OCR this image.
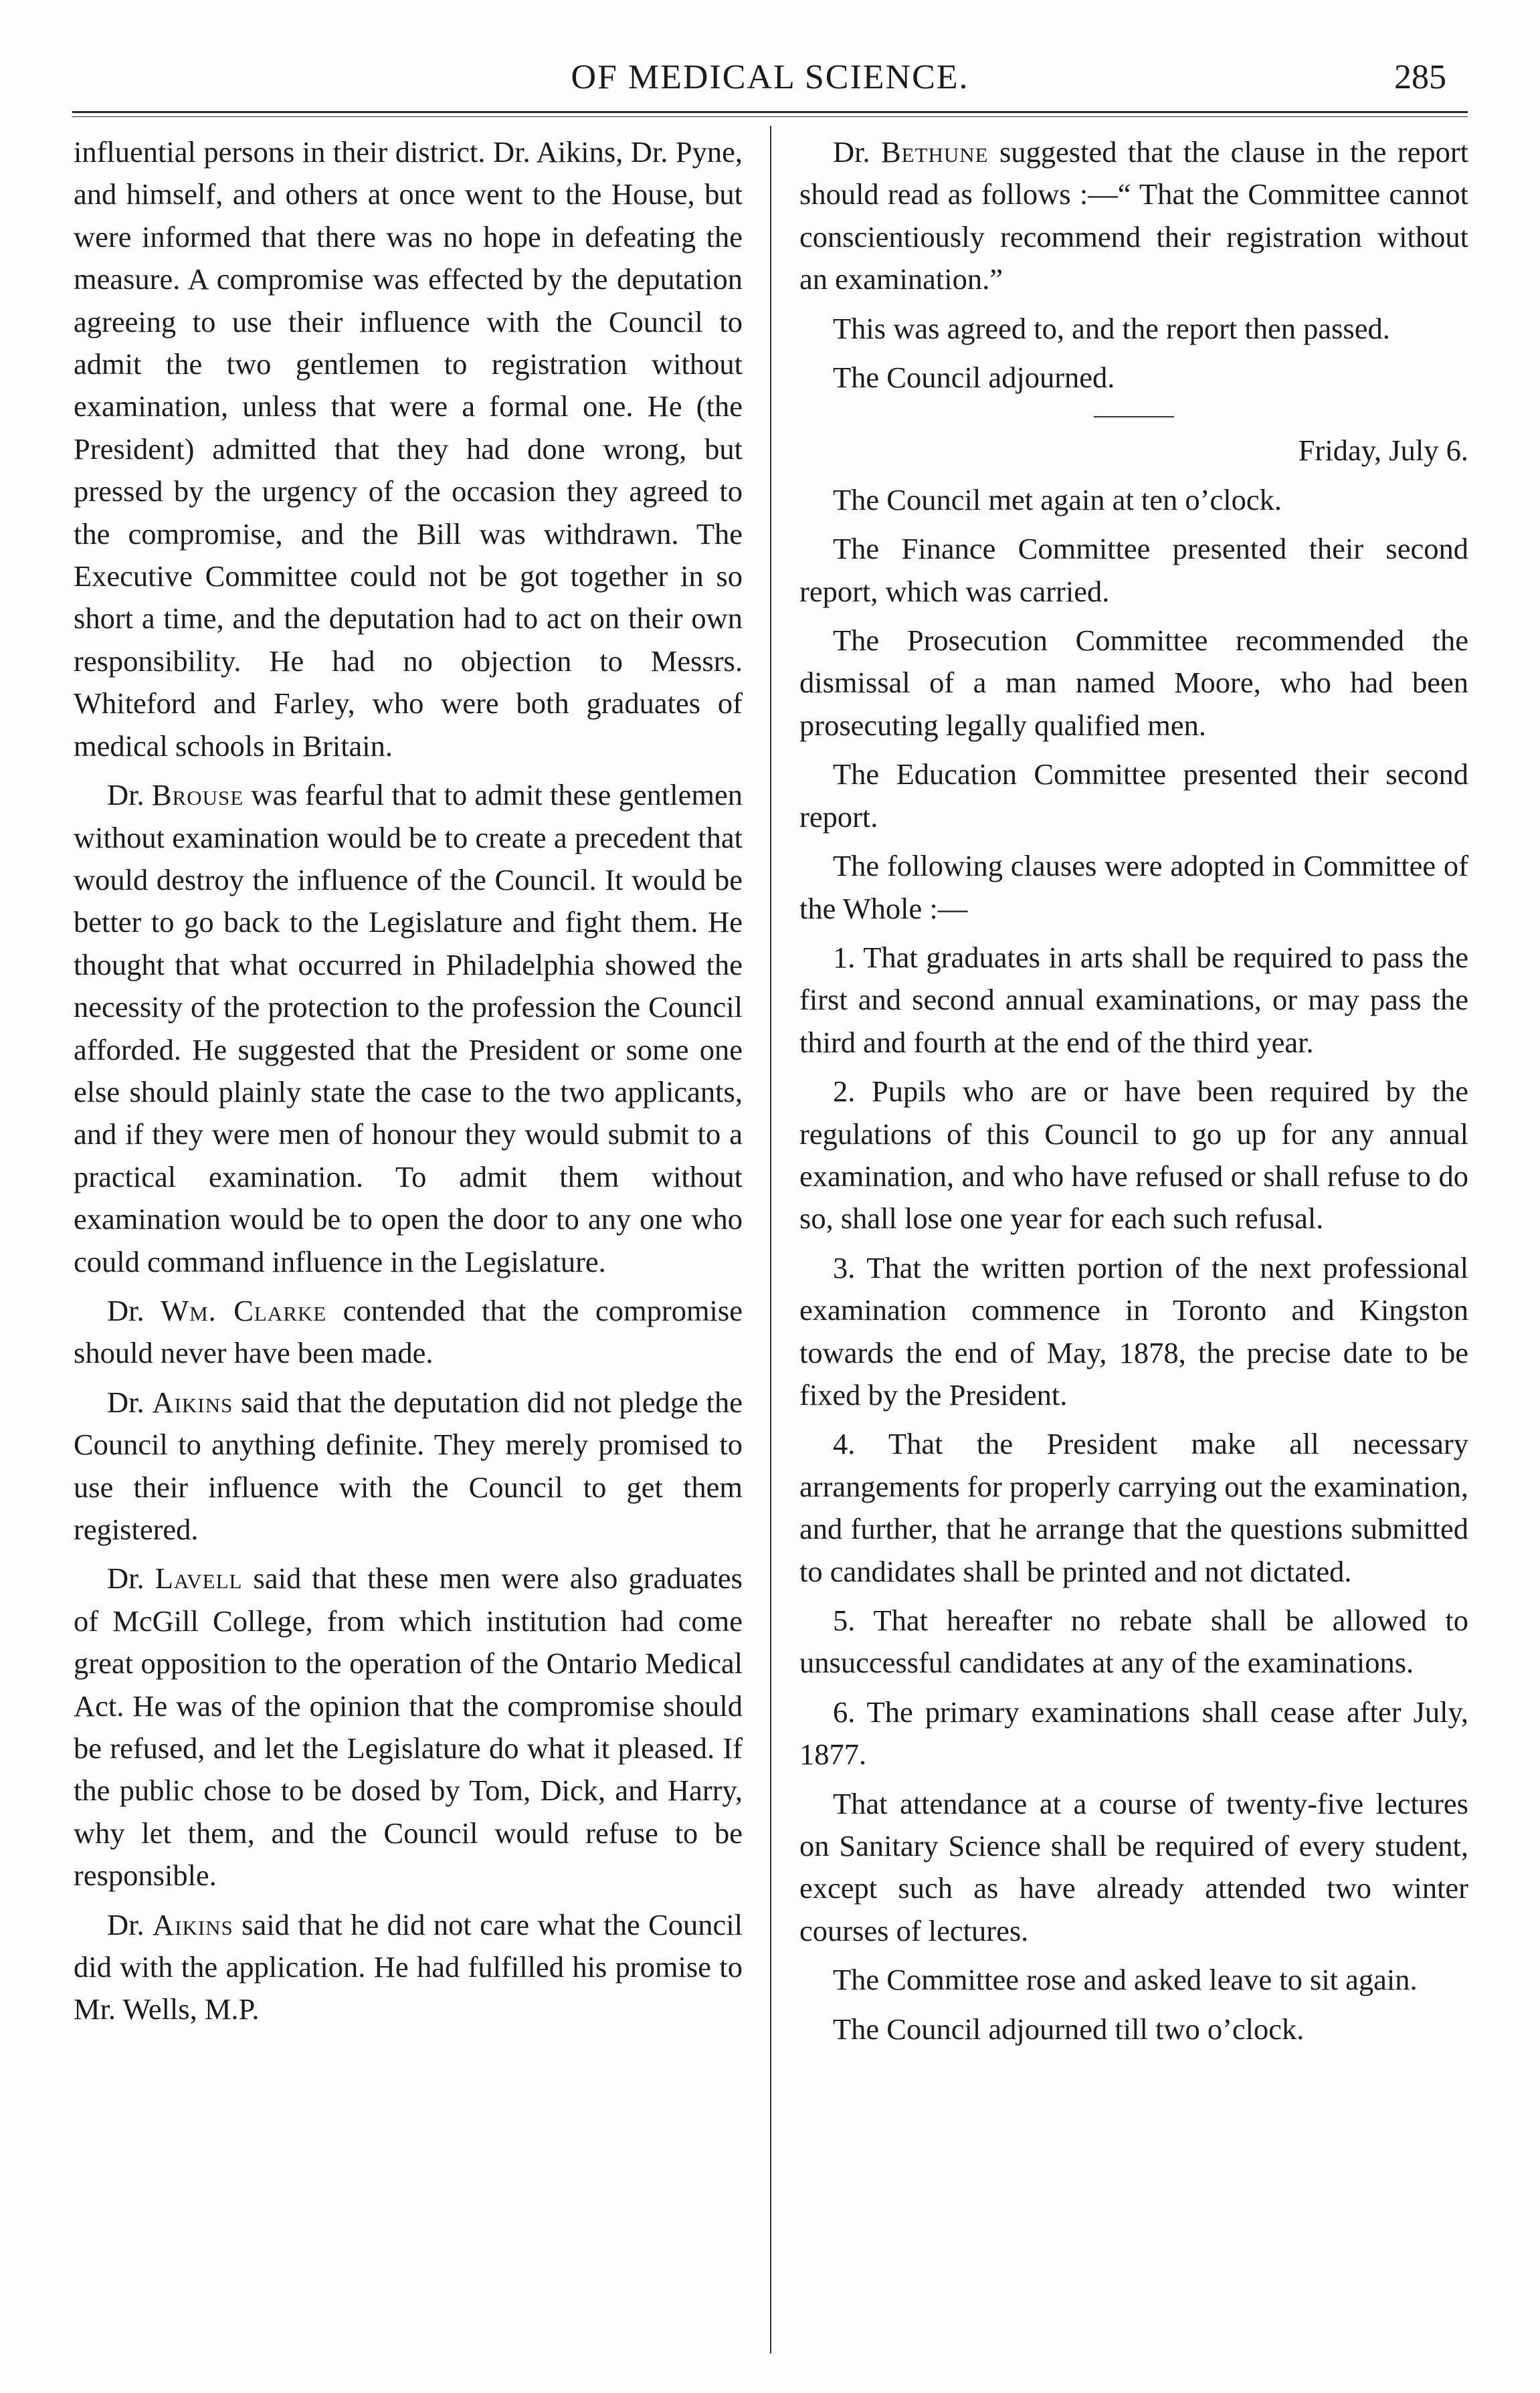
OF MEDICAL SCIENCE.	285

influential persons in their district. Dr. Aikins, Dr. Pyne, and himself, and others at once went to the House, but were informed that there was no hope in defeating the measure. A compromise was effected by the deputation agreeing to use their influence with the Council to admit the two gentlemen to registration without examination, unless that were a formal one. He (the President) admitted that they had done wrong, but pressed by the urgency of the occasion they agreed to the compromise, and the Bill was withdrawn. The Executive Committee could not be got together in so short a time, and the deputation had to act on their own responsibility. He had no objection to Messrs. Whiteford and Farley, who were both graduates of medical schools in Britain.

Dr. Brouse was fearful that to admit these gentlemen without examination would be to create a precedent that would destroy the influence of the Council. It would be better to go back to the Legislature and fight them. He thought that what occurred in Philadelphia showed the necessity of the protection to the profession the Council afforded. He suggested that the President or some one else should plainly state the case to the two applicants, and if they were men of honour they would submit to a practical examination. To admit them without examination would be to open the door to any one who could command influence in the Legislature.

Dr. Wm. Clarke contended that the compromise should never have been made.

Dr. Aikins said that the deputation did not pledge the Council to anything definite. They merely promised to use their influence with the Council to get them registered.

Dr. Lavell said that these men were also graduates of McGill College, from which institution had come great opposition to the operation of the Ontario Medical Act. He was of the opinion that the compromise should be refused, and let the Legislature do what it pleased. If the public chose to be dosed by Tom, Dick, and Harry, why let them, and the Council would refuse to be responsible.

Dr. Aikins said that he did not care what the Council did with the application. He had fulfilled his promise to Mr. Wells, M.P.

Dr. Bethune suggested that the clause in the report should read as follows :—“ That the Committee cannot conscientiously recommend their registration without an examination.”

This was agreed to, and the report then passed.

The Council adjourned.

Friday, July 6.

The Council met again at ten o’clock.

The Finance Committee presented their second report, which was carried.

The Prosecution Committee recommended the dismissal of a man named Moore, who had been prosecuting legally qualified men.

The Education Committee presented their second report.

The following clauses were adopted in Committee of the Whole :—

1. That graduates in arts shall be required to pass the first and second annual examinations, or may pass the third and fourth at the end of the third year.

2. Pupils who are or have been required by the regulations of this Council to go up for any annual examination, and who have refused or shall refuse to do so, shall lose one year for each such refusal.

3. That the written portion of the next professional examination commence in Toronto and Kingston towards the end of May, 1878, the precise date to be fixed by the President.

4. That the President make all necessary arrangements for properly carrying out the examination, and further, that he arrange that the questions submitted to candidates shall be printed and not dictated.

5. That hereafter no rebate shall be allowed to unsuccessful candidates at any of the examinations.

6. The primary examinations shall cease after July, 1877.

That attendance at a course of twenty-five lectures on Sanitary Science shall be required of every student, except such as have already attended two winter courses of lectures.

The Committee rose and asked leave to sit again.

The Council adjourned till two o’clock.
